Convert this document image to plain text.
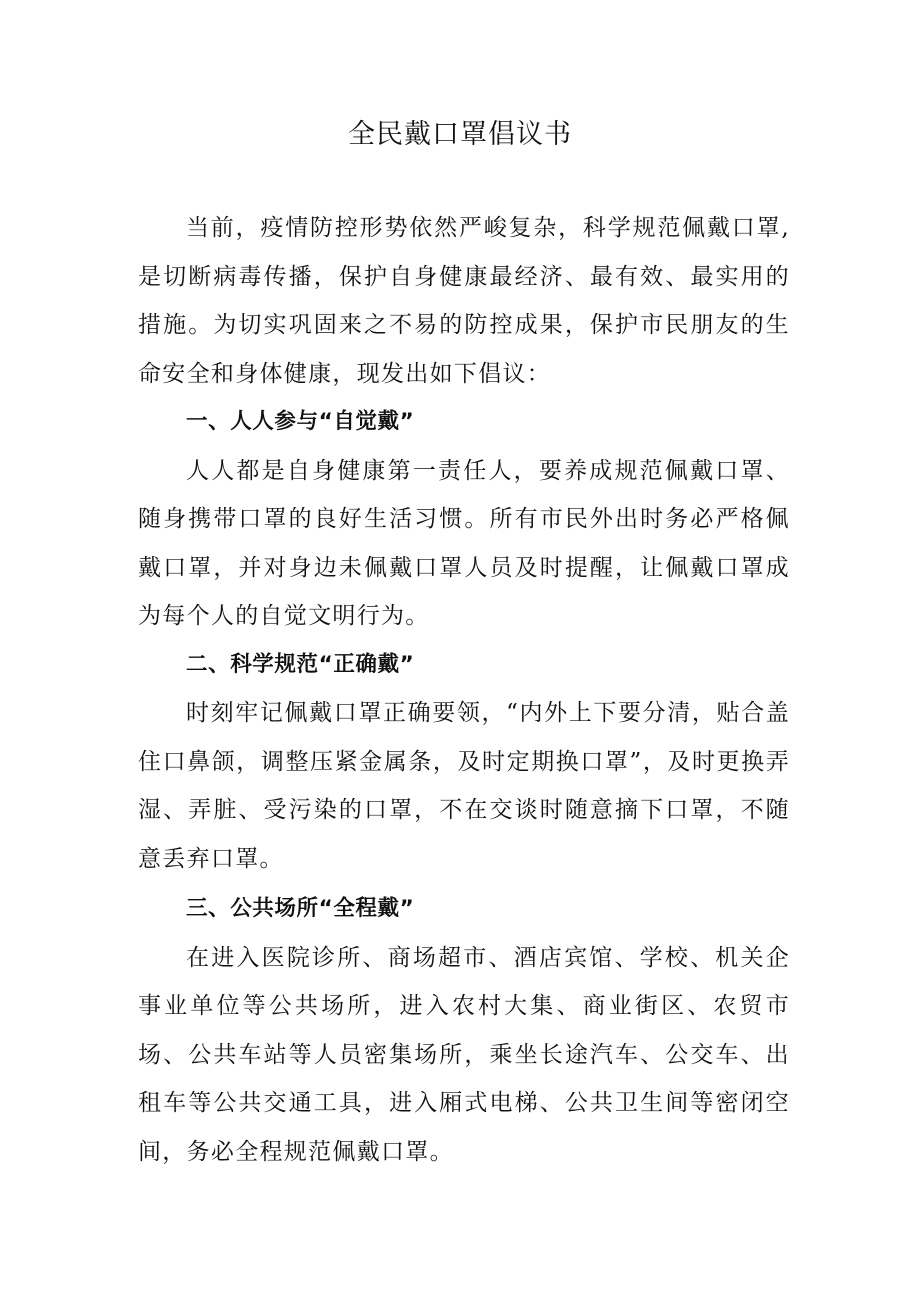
全民戴口罩倡议书

当前，疫情防控形势依然严峻复杂，科学规范佩戴口罩,是切断病毒传播，保护自身健康最经济、最有效、最实用的措施。为切实巩固来之不易的防控成果，保护市民朋友的生命安全和身体健康，现发出如下倡议：

一、人人参与“自觉戴”

人人都是自身健康第一责任人，要养成规范佩戴口罩、随身携带口罩的良好生活习惯。所有市民外出时务必严格佩戴口罩，并对身边未佩戴口罩人员及时提醒，让佩戴口罩成为每个人的自觉文明行为。

二、科学规范“正确戴”

时刻牢记佩戴口罩正确要领，“内外上下要分清，贴合盖住口鼻颌，调整压紧金属条，及时定期换口罩”，及时更换弄湿、弄脏、受污染的口罩，不在交谈时随意摘下口罩，不随意丢弃口罩。

三、公共场所“全程戴”

在进入医院诊所、商场超市、酒店宾馆、学校、机关企事业单位等公共场所，进入农村大集、商业街区、农贸市场、公共车站等人员密集场所，乘坐长途汽车、公交车、出租车等公共交通工具，进入厢式电梯、公共卫生间等密闭空间，务必全程规范佩戴口罩。
